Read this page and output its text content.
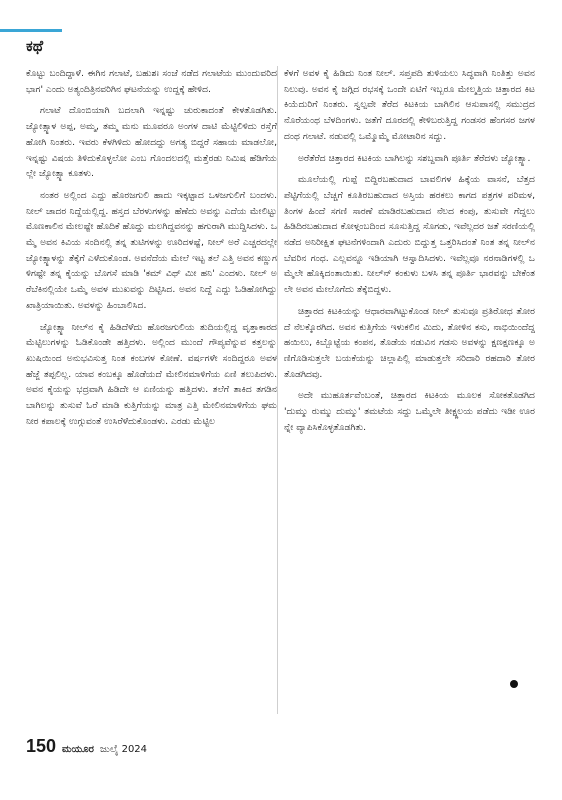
ಕಥೆ

ಕೊಟ್ಟು ಬಂದಿದ್ದಾಳೆ. ಈಗಿನ ಗಲಾಟೆ, ಬಹುಶಃ ಸಂಜೆ ನಡೆದ ಗಲಾಟೆಯ ಮುಂದುವರಿದ ಭಾಗ' ಎಂದು ಅತ್ಯಂದಿತ್ರಿನವರಿಗಿನ ಘಟನೆಯನ್ನು ಉದ್ದಕ್ಕೆ ಹೇಳಿದ.

ಗಲಾಟೆ ದೊಂಬಿಯಾಗಿ ಬದಲಾಗಿ ಇನ್ನಷ್ಟು ಚುರುಕಾದಂತೆ ಕೇಳತೊಡಗಿತು. ಜ್ಯೋತ್ಸ್ನಾಳ ಅಪ್ಪ, ಅಮ್ಮ, ತಮ್ಮ ಮನು ಮೂವರೂ ಅಂಗಳ ದಾಟಿ ಮೆಟ್ಟಿಲಿಳಿದು ರಸ್ತೆಗೆ ಹೋಗಿ ನಿಂತರು. ಇವರು ಕೆಳಗಿಳಿದು ಹೋದದ್ದು ಅಗತ್ಯ ಬಿದ್ದರೆ ಸಹಾಯ ಮಾಡಲೋ, ಇನ್ನಷ್ಟು ವಿಷಯ ತಿಳಿದುಕೊಳ್ಳಲೋ ಎಂಬ ಗೊಂದಲದಲ್ಲಿ ಮತ್ತೆರಡು ನಿಮಿಷ ಹೆಡಿಗೆಯಲ್ಲೇ ಜ್ಯೋತ್ಸ್ನಾ ಕೂತಳು.

ನಂತರ ಅಲ್ಲಿಂದ ಎದ್ದು ಹೊರಜಗುಲಿ ಹಾದು ಇಕ್ಕಟ್ಟಾದ ಒಳಜಗುಲಿಗೆ ಬಂದಳು. ನೀಲ್ ಚಾದರ ನಿದ್ದೆಯಲ್ಲಿದ್ದ. ಹಸ್ತದ ಬೆರಳುಗಳನ್ನು ಹೆಣೆದು ಅವನ್ನು ಎದೆಯ ಮೇಲಿಟ್ಟು ಮೊಣಕಾಲಿನ ಮೇಲಷ್ಟೇ ಹೊದಿಕೆ ಹೊದ್ದು ಮಲಗಿದ್ದವನನ್ನು ಹಗುರಾಗಿ ಮುದ್ದಿಸಿದಳು. ಒಮ್ಮೆ ಅವನ ಕಿವಿಯ ಸಂದಿನಲ್ಲಿ ತನ್ನ ತುಟಿಗಳನ್ನು ಊರಿದಳಷ್ಟೆ, ನೀಲ್ ಅರೆ ಎಚ್ಚರದಲ್ಲೇ ಜ್ಯೋತ್ಸ್ನಾಳನ್ನು ತೆಕ್ಕೆಗೆ ಎಳೆದುಕೊಂಡ. ಅವನೆದೆಯ ಮೇಲೆ ಇಟ್ಟ ತಲೆ ಎತ್ತಿ ಅವನ ಕಣ್ಣುಗಳಿಗಷ್ಟೇ ತನ್ನ ಕೈಯನ್ನು ಬೊಗಸೆ ಮಾಡಿ 'ಕಮ್ ವಿಥ್ ಮೀ ಹನಿ' ಎಂದಳು. ನೀಲ್ ಅರೆಬೆಕಿನಲ್ಲಿಯೇ ಒಮ್ಮೆ ಅವಳ ಮುಖವನ್ನು ದಿಟ್ಟಿಸಿದ. ಅವನ ನಿದ್ದೆ ಎದ್ದು ಓಡಿಹೋಗಿದ್ದು ಖಾತ್ರಿಯಾಯಿತು. ಅವಳನ್ನು ಹಿಂಬಾಲಿಸಿದ.

ಜ್ಯೋತ್ಸ್ನಾ ನೀಲ್‌ನ ಕೈ ಹಿಡಿದೆಳೆದು ಹೊರಜಗುಲಿಯ ತುದಿಯಲ್ಲಿದ್ದ ವೃತ್ತಾಕಾರದ ಮೆಟ್ಟಿಲುಗಳನ್ನು ಓಡಿಕೊಂಡೇ ಹತ್ತಿದಳು. ಅಲ್ಲಿಂದ ಮುಂದೆ ಗೌಪ್ಯವೆನ್ನುವ ಕತ್ತಲನ್ನು ಖುಷಿಯಿಂದ ಅನುಭವಿಸುತ್ತ ನಿಂತ ಕಂಬಗಳ ಕೋಣೆ. ವರ್ಷಗಳೇ ಸಂದಿದ್ದರೂ ಅವಳ ಹೆಜ್ಜೆ ತಪ್ಪಲಿಲ್ಲ. ಯಾವ ಕಂಬಕ್ಕೂ ಹೊಡೆಯದೆ ಮೇಲಿನಮಾಳಿಗೆಯ ಏಣಿ ತಲುಪಿದಳು. ಅವನ ಕೈಯನ್ನು ಭದ್ರವಾಗಿ ಹಿಡಿದೇ ಆ ಏಣಿಯನ್ನು ಹತ್ತಿದಳು. ತಲೆಗೆ ತಾಕಿದ ತಗಡಿನ ಬಾಗಿಲನ್ನು ತುಸುವೆ ಓರೆ ಮಾಡಿ ಕುತ್ತಿಗೆಯನ್ನು ಮಾತ್ರ ಎತ್ತಿ ಮೇಲಿನಮಾಳಿಗೆಯ ಘಮ ನೀರ ಕಪಾಲಕ್ಕೆ ಉಗ್ಗುವಂತೆ ಉಸಿರೆಳೆದುಕೊಂಡಳು. ಎರಡು ಮೆಟ್ಟಿಲ

ಕೆಳಗೆ ಅವಳ ಕೈ ಹಿಡಿದು ನಿಂತ ನೀಲ್. ಸಪ್ತಪದಿ ತುಳಿಯಲು ಸಿದ್ಧವಾಗಿ ನಿಂತಿತ್ತು ಅವನ ನಿಲುವು. ಅವನ ಕೈ ಜಗ್ಗಿದ ರಭಸಕ್ಕೆ ಒಂದೇ ಏಟಿಗೆ ಇಬ್ಬರೂ ಮೇಲ್ಮತ್ತಿಯ ಚಿತ್ತಾರದ ಕಿಟಕಿಯೆದುರಿಗೆ ನಿಂತರು. ಸ್ವಲ್ಪವೇ ತೆರೆದ ಕಿಟಕಿಯ ಬಾಗಿಲಿನ ಆಸುಪಾಸಲ್ಲಿ ಸಮುದ್ರದ ನೊರೆಯಂಥ ಬೆಳದಿಂಗಳು. ಜತೆಗೆ ದೂರದಲ್ಲಿ ಕೇಳಿಬರುತ್ತಿದ್ದ ಗಂಡಸರ ಹೆಂಗಸರ ಜಗಳದಂಥ ಗಲಾಟೆ. ನಡುವಲ್ಲಿ ಒಮ್ಮೊಮ್ಮೆ ಮೋಟಾರಿನ ಸದ್ದು.

ಅರೆತೆರೆದ ಚಿತ್ತಾರದ ಕಿಟಕಿಯ ಬಾಗಿಲನ್ನು ಸಶಬ್ದವಾಗಿ ಪೂರ್ತಿ ತೆರೆದಳು ಜ್ಯೋತ್ಸ್ನಾ.

ಮೂಲೆಯಲ್ಲಿ ಗುಪ್ಪೆ ಬಿದ್ದಿರಬಹುದಾದ ಬಾವಲಿಗಳ ಹಿಕ್ಕೆಯ ವಾಸನೆ, ಬೆತ್ತದಪೆಟ್ಟಿಗೆಯಲ್ಲಿ ಬೆಚ್ಚಗೆ ಕೂತಿರಬಹುದಾದ ಅಸ್ತಿಯ ಹರಕಲು ಕಾಗದ ಪತ್ರಗಳ ಪರಿಮಳ, ತಿಂಗಳ ಹಿಂದೆ ಸಗಣಿ ಸಾರಣೆ ಮಾಡಿರಬಹುದಾದ ನೆಲದ ಕಂಪು, ತುಸುವೇ ಗೆದ್ದಲು ಹಿಡಿದಿರಬಹುದಾದ ಕೋಳ್ಗಂಬದಿಂದ ಸೂಸುತ್ತಿದ್ದ ಸೊಗಡು, ಇವೆಲ್ಲದರ ಜತೆ ಸರಣಿಯಲ್ಲಿ ನಡೆದ ಅನಿರೀಕ್ಷಿತ ಘಟನೆಗಳಿಂದಾಗಿ ಎದುರು ಬಿದ್ದುತ್ತ ಒತ್ತರಿಸಿದಂತೆ ನಿಂತ ತನ್ನ ನೀಲ್‌ನ ಬೆವರಿನ ಗಂಧ. ಎಲ್ಲವನ್ನೂ ಇಡಿಯಾಗಿ ಆಸ್ವಾದಿಸಿದಳು. ಇವೆಲ್ಲವೂ ನರನಾಡಿಗಳಲ್ಲಿ ಒಮ್ಮೆಲೇ ಹೊಕ್ಕಿದಂತಾಯಿತು. ನೀಲ್‌ನ್ ಕಂಕುಳು ಬಳಸಿ ತನ್ನ ಪೂರ್ತಿ ಭಾರವನ್ನು ಬೇಕೆಂತಲೇ ಅವನ ಮೇಲೊಗೆದು ತೆಕ್ಕೆಬಿದ್ದಳು.

ಚಿತ್ತಾರದ ಕಿಟಕಿಯನ್ನು ಆಧಾರವಾಗಿಟ್ಟುಕೊಂಡ ನೀಲ್ ತುಸುವೂ ಪ್ರತಿರೋಧ ತೋರದೆ ನೆಲಕ್ಕೊರಗಿದ. ಅವನ ಕುತ್ತಿಗೆಯ ಇಳುಕಲಿನ ಮಿದು, ತೋಳಿನ ಕಸು, ನಾಭಿಯಿಂದೆದ್ದ ಹಯಿಲು, ಕಿಬ್ಬೊಟ್ಟೆಯ ಕಂಪನ, ತೊಡೆಯ ನಡುವಿನ ಗಡಸು ಅವಳನ್ನು ಕ್ಷಣಕ್ಷಣಕ್ಕೂ ಅಣಿಗೊಡಿಸುತ್ತಲೇ ಬಯಕೆಯನ್ನು ಚಿಲ್ಲಾಪಿಲ್ಲಿ ಮಾಡುತ್ತಲೇ ಸರಿದಾರಿ ರಹದಾರಿ ತೋರತೊಡಗಿದವು.

ಅದೇ ಮುಹೂರ್ತವೆಂಬಂತೆ, ಚಿತ್ತಾರದ ಕಿಟಕಿಯ ಮೂಲಕ ಸೋಕತೊಡಗಿದ 'ದುಮ್ಮು ರುಮ್ಮು ದುಮ್ಮು' ತಮಟೆಯ ಸದ್ದು ಒಮ್ಮೆಲೇ ತೀಕ್ಷ್ಣಲಯ ಪಡೆದು ಇಡೀ ಊರನ್ನೇ ವ್ಯಾಪಿಸಿಕೊಳ್ಳತೊಡಗಿತು.

150 ಮಯೂರ ಜುಲೈ 2024
